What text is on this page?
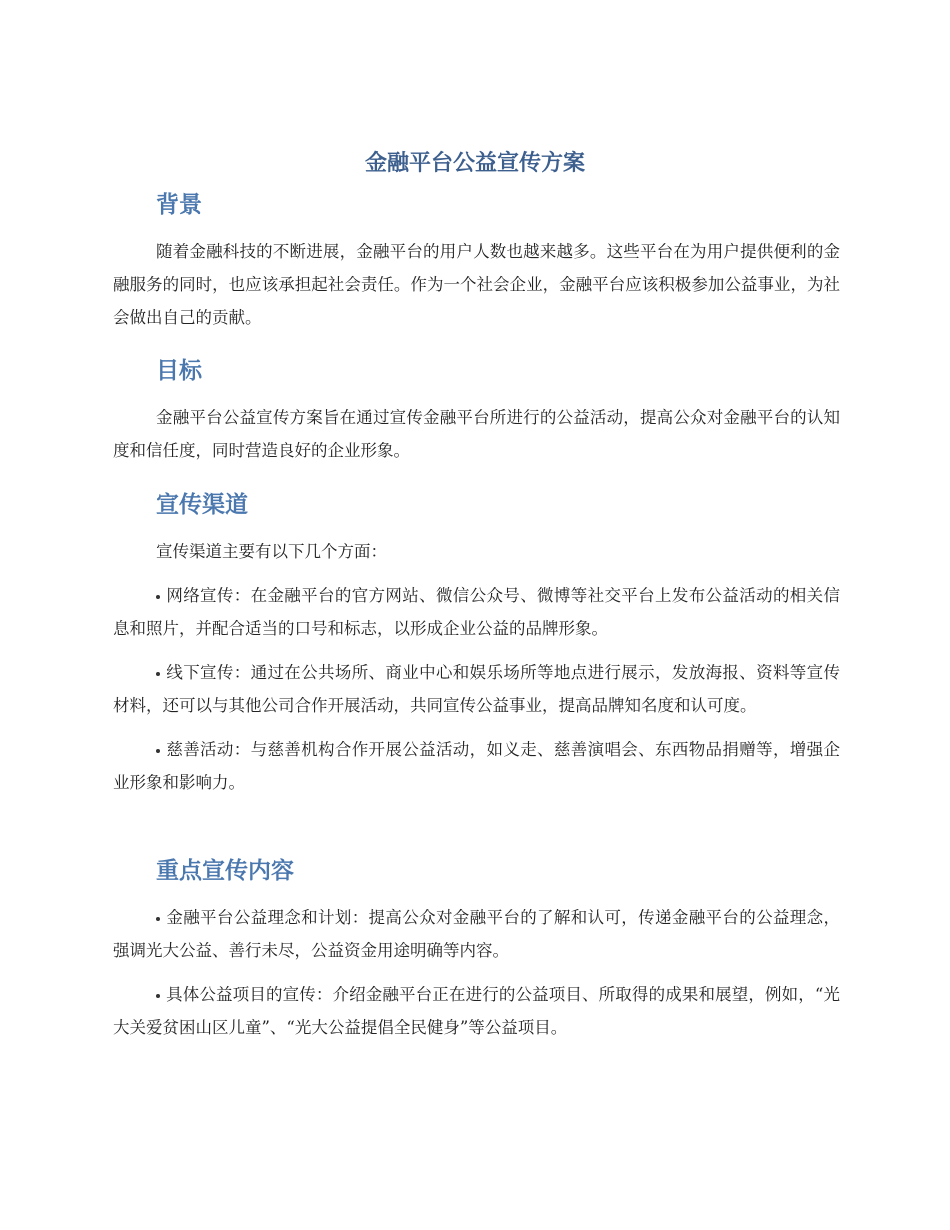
金融平台公益宣传方案
背景

随着金融科技的不断进展，金融平台的用户人数也越来越多。这些平台在为用户提供便利的金融服务的同时，也应该承担起社会责任。作为一个社会企业，金融平台应该积极参加公益事业，为社会做出自己的贡献。

目标

金融平台公益宣传方案旨在通过宣传金融平台所进行的公益活动，提高公众对金融平台的认知度和信任度，同时营造良好的企业形象。

宣传渠道

宣传渠道主要有以下几个方面：

网络宣传：在金融平台的官方网站、微信公众号、微博等社交平台上发布公益活动的相关信息和照片，并配合适当的口号和标志，以形成企业公益的品牌形象。

线下宣传：通过在公共场所、商业中心和娱乐场所等地点进行展示，发放海报、资料等宣传材料，还可以与其他公司合作开展活动，共同宣传公益事业，提高品牌知名度和认可度。

慈善活动：与慈善机构合作开展公益活动，如义走、慈善演唱会、东西物品捐赠等，增强企业形象和影响力。

重点宣传内容

金融平台公益理念和计划：提高公众对金融平台的了解和认可，传递金融平台的公益理念，强调光大公益、善行未尽，公益资金用途明确等内容。

具体公益项目的宣传：介绍金融平台正在进行的公益项目、所取得的成果和展望，例如，“光大关爱贫困山区儿童”、“光大公益提倡全民健身”等公益项目。
